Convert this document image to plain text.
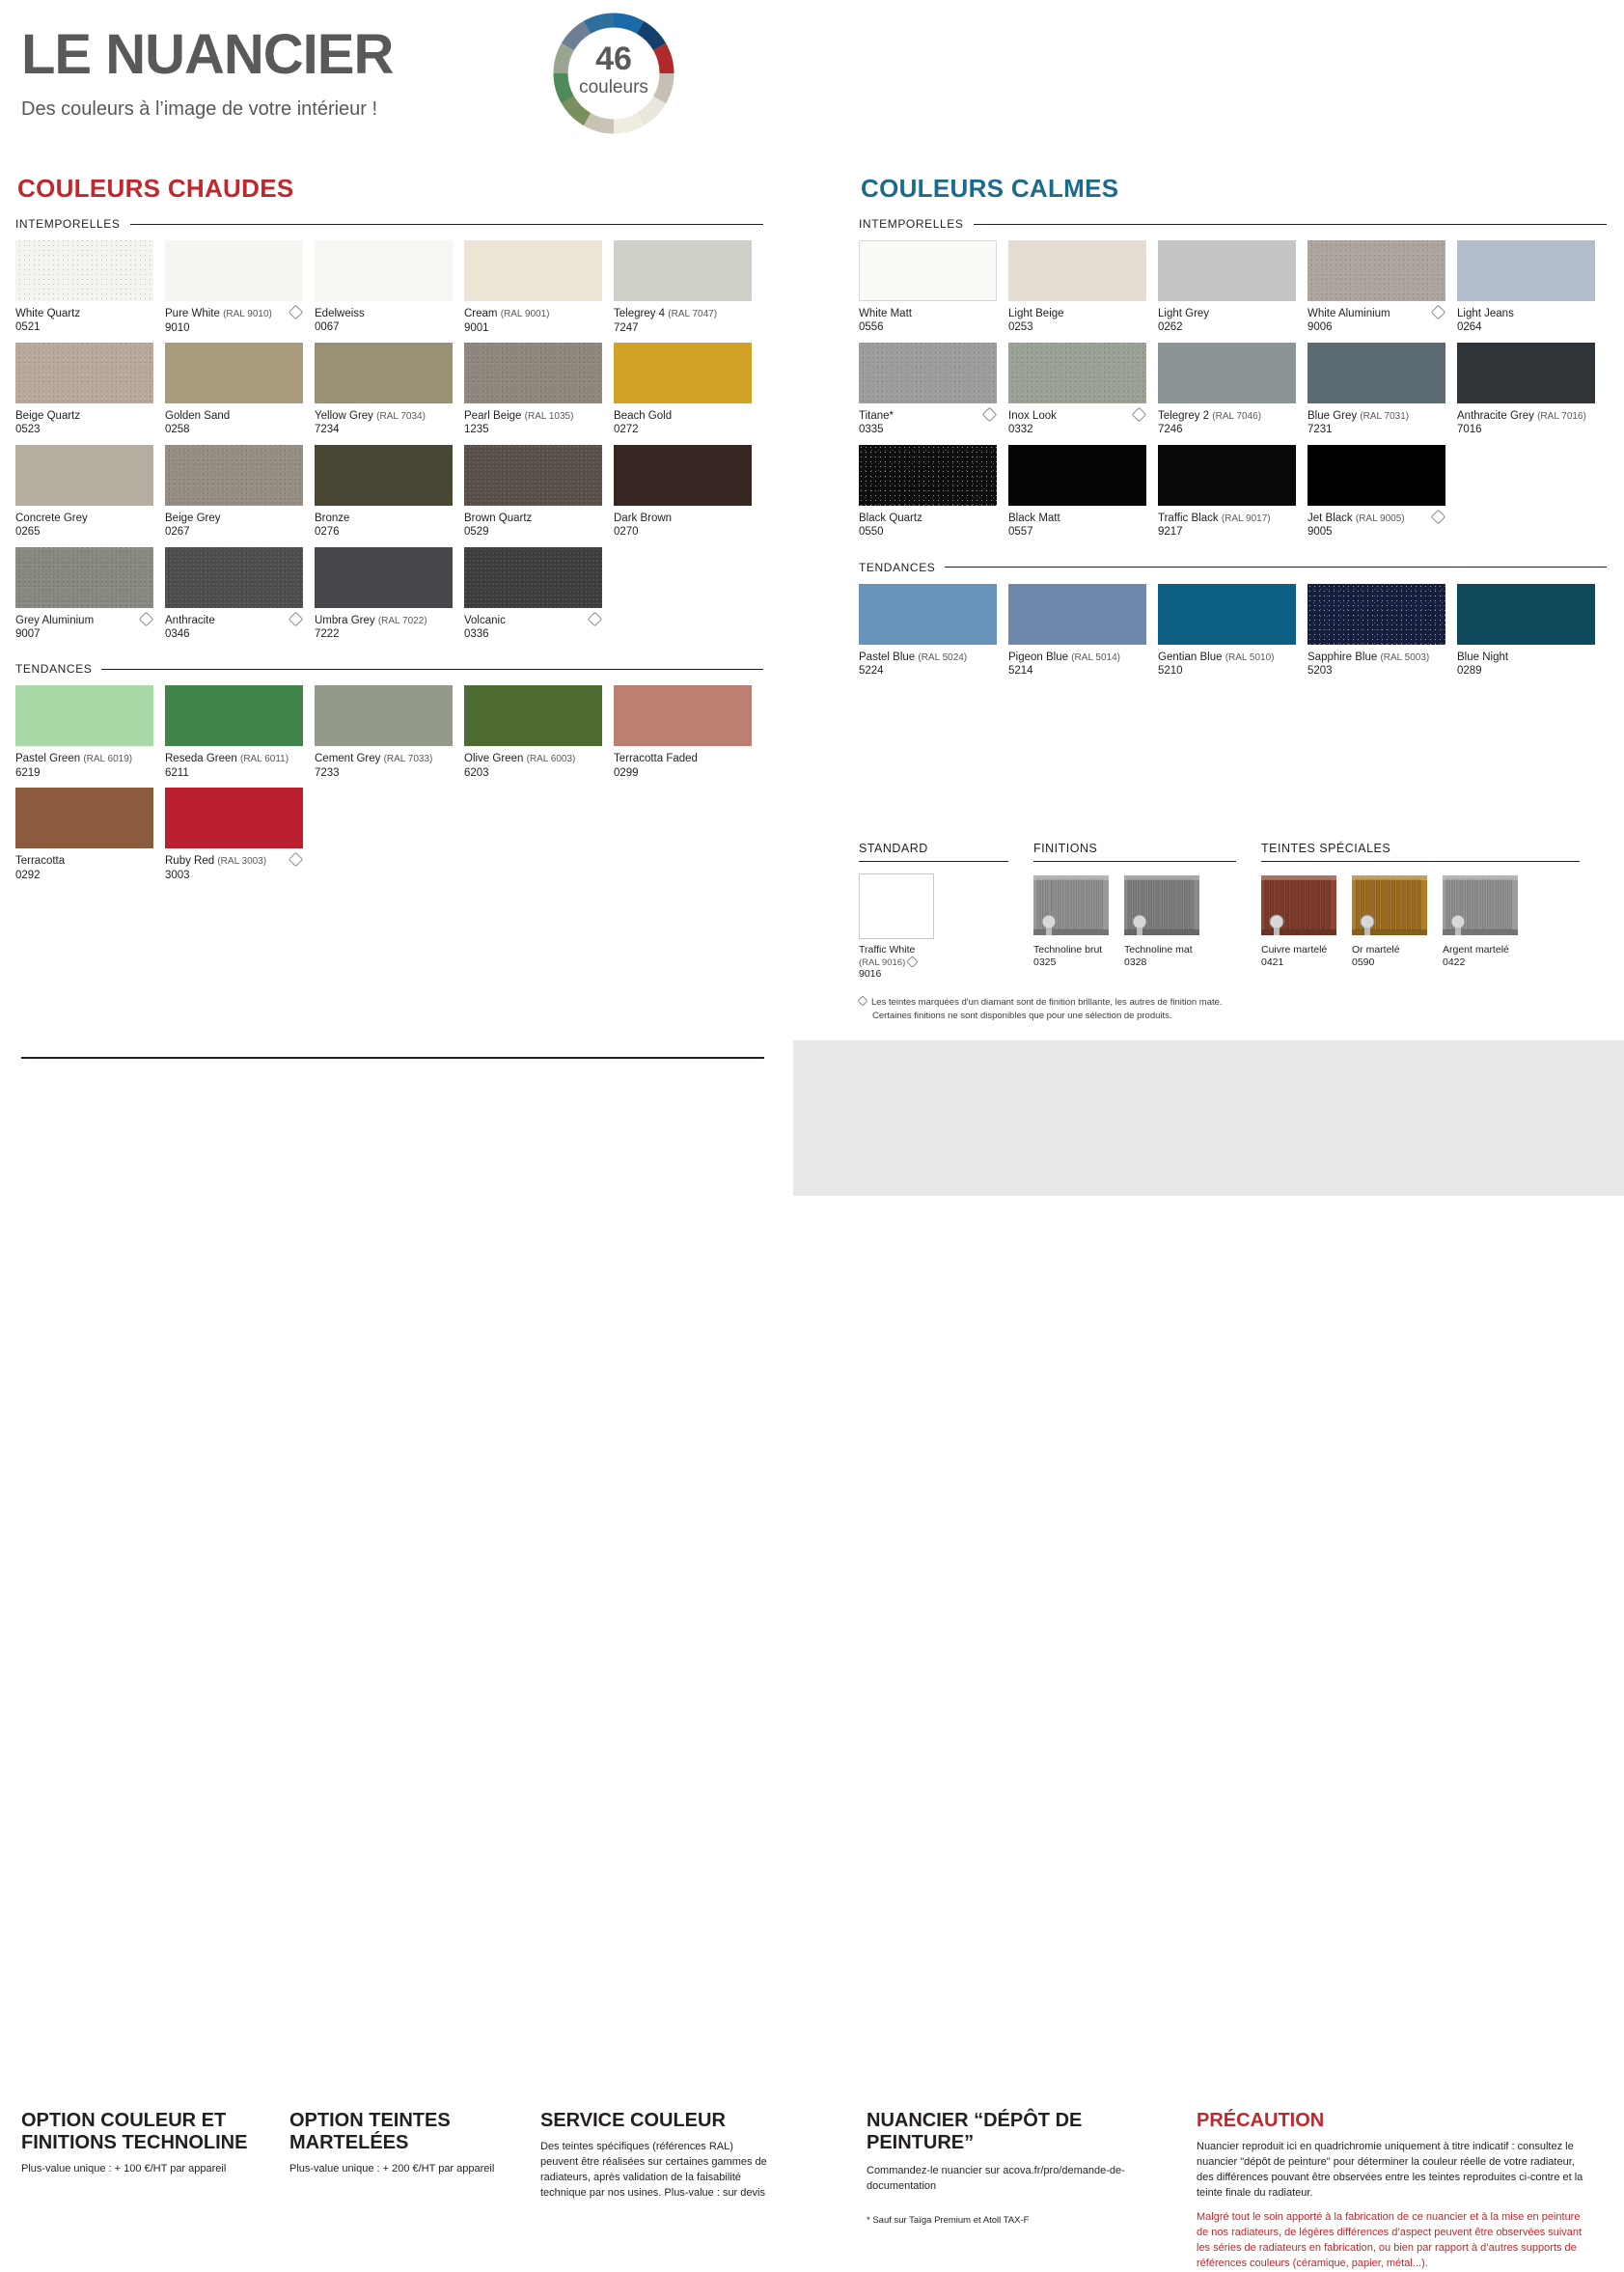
LE NUANCIER
Des couleurs à l’image de votre intérieur !
46
couleurs
COULEURS CHAUDES
INTEMPORELLES
White Quartz
0521
Pure White (RAL 9010)
9010
Edelweiss
0067
Cream (RAL 9001)
9001
Telegrey 4 (RAL 7047)
7247
Beige Quartz
0523
Golden Sand
0258
Yellow Grey (RAL 7034)
7234
Pearl Beige (RAL 1035)
1235
Beach Gold
0272
Concrete Grey
0265
Beige Grey
0267
Bronze
0276
Brown Quartz
0529
Dark Brown
0270
Grey Aluminium
9007
Anthracite
0346
Umbra Grey (RAL 7022)
7222
Volcanic
0336
TENDANCES
Pastel Green (RAL 6019)
6219
Reseda Green (RAL 6011)
6211
Cement Grey (RAL 7033)
7233
Olive Green (RAL 6003)
6203
Terracotta Faded
0299
Terracotta
0292
Ruby Red (RAL 3003)
3003
COULEURS CALMES
INTEMPORELLES
White Matt
0556
Light Beige
0253
Light Grey
0262
White Aluminium
9006
Light Jeans
0264
Titane*
0335
Inox Look
0332
Telegrey 2 (RAL 7046)
7246
Blue Grey (RAL 7031)
7231
Anthracite Grey (RAL 7016)
7016
Black Quartz
0550
Black Matt
0557
Traffic Black (RAL 9017)
9217
Jet Black (RAL 9005)
9005
TENDANCES
Pastel Blue (RAL 5024)
5224
Pigeon Blue (RAL 5014)
5214
Gentian Blue (RAL 5010)
5210
Sapphire Blue (RAL 5003)
5203
Blue Night
0289
STANDARD
Traffic White (RAL 9016)
9016
FINITIONS
Technoline brut
0325
Technoline mat
0328
TEINTES SPÉCIALES
Cuivre martelé
0421
Or martelé
0590
Argent martelé
0422
Les teintes marquées d'un diamant sont de finition brillante, les autres de finition mate.
Certaines finitions ne sont disponibles que pour une sélection de produits.
OPTION COULEUR ET FINITIONS TECHNOLINE

Plus-value unique : + 100 €/HT par appareil

OPTION TEINTES MARTELÉES

Plus-value unique : + 200 €/HT par appareil

SERVICE COULEUR

Des teintes spécifiques (références RAL) peuvent être réalisées sur certaines gammes de radiateurs, après validation de la faisabilité technique par nos usines. Plus-value : sur devis

NUANCIER “DÉPÔT DE PEINTURE”

Commandez-le nuancier sur acova.fr/pro/demande-de-documentation

* Sauf sur Taïga Premium et Atoll TAX-F

PRÉCAUTION

Nuancier reproduit ici en quadrichromie uniquement à titre indicatif : consultez le nuancier "dépôt de peinture" pour déterminer la couleur réelle de votre radiateur, des différences pouvant être observées entre les teintes reproduites ci-contre et la teinte finale du radiateur.

Malgré tout le soin apporté à la fabrication de ce nuancier et à la mise en peinture de nos radiateurs, de légères différences d’aspect peuvent être observées suivant les séries de radiateurs en fabrication, ou bien par rapport à d’autres supports de références couleurs (céramique, papier, métal...).
